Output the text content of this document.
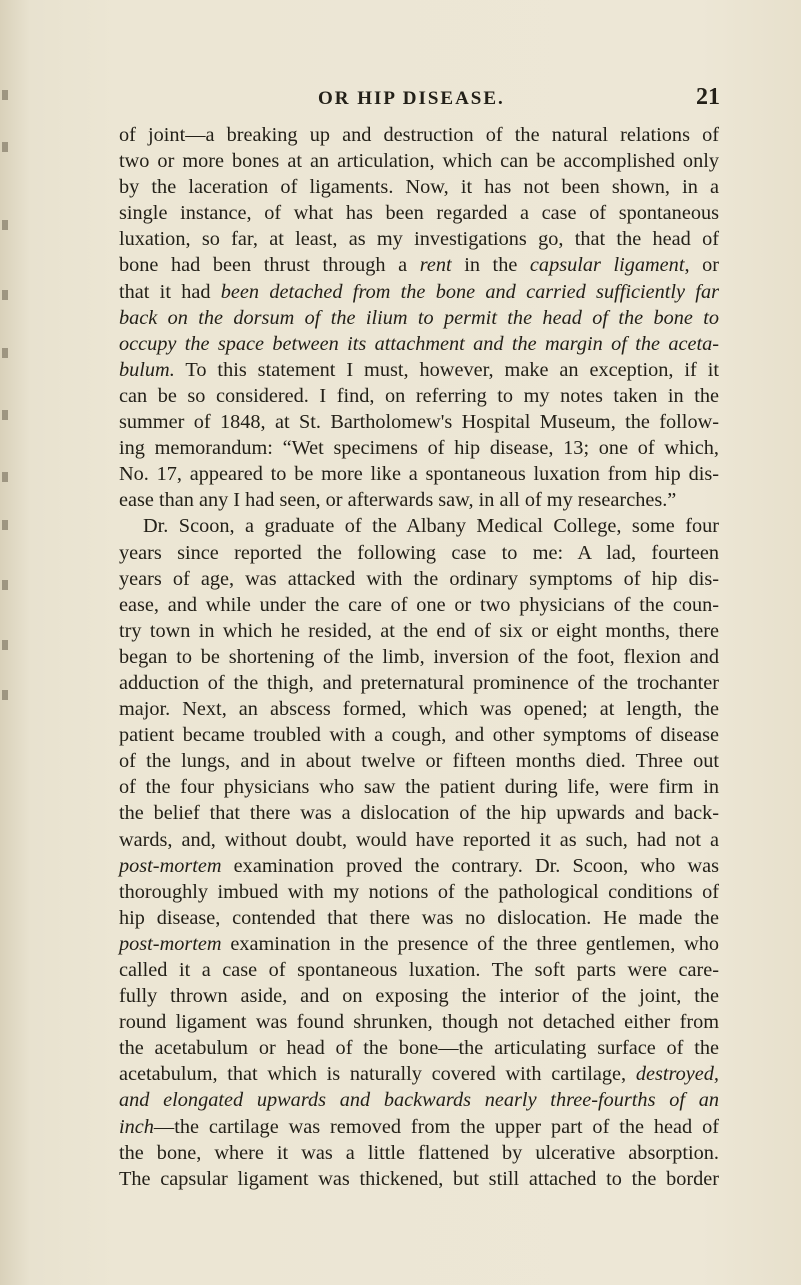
OR HIP DISEASE.	21
of joint—a breaking up and destruction of the natural relations of
two or more bones at an articulation, which can be accomplished only
by the laceration of ligaments. Now, it has not been shown, in a
single instance, of what has been regarded a case of spontaneous
luxation, so far, at least, as my investigations go, that the head of
bone had been thrust through a rent in the capsular ligament, or
that it had been detached from the bone and carried sufficiently far
back on the dorsum of the ilium to permit the head of the bone to
occupy the space between its attachment and the margin of the aceta-
bulum. To this statement I must, however, make an exception, if it
can be so considered. I find, on referring to my notes taken in the
summer of 1848, at St. Bartholomew's Hospital Museum, the follow-
ing memorandum: “Wet specimens of hip disease, 13; one of which,
No. 17, appeared to be more like a spontaneous luxation from hip dis-
ease than any I had seen, or afterwards saw, in all of my researches.”
Dr. Scoon, a graduate of the Albany Medical College, some four
years since reported the following case to me: A lad, fourteen
years of age, was attacked with the ordinary symptoms of hip dis-
ease, and while under the care of one or two physicians of the coun-
try town in which he resided, at the end of six or eight months, there
began to be shortening of the limb, inversion of the foot, flexion and
adduction of the thigh, and preternatural prominence of the trochanter
major. Next, an abscess formed, which was opened; at length, the
patient became troubled with a cough, and other symptoms of disease
of the lungs, and in about twelve or fifteen months died. Three out
of the four physicians who saw the patient during life, were firm in
the belief that there was a dislocation of the hip upwards and back-
wards, and, without doubt, would have reported it as such, had not a
post-mortem examination proved the contrary. Dr. Scoon, who was
thoroughly imbued with my notions of the pathological conditions of
hip disease, contended that there was no dislocation. He made the
post-mortem examination in the presence of the three gentlemen, who
called it a case of spontaneous luxation. The soft parts were care-
fully thrown aside, and on exposing the interior of the joint, the
round ligament was found shrunken, though not detached either from
the acetabulum or head of the bone—the articulating surface of the
acetabulum, that which is naturally covered with cartilage, destroyed,
and elongated upwards and backwards nearly three-fourths of an
inch—the cartilage was removed from the upper part of the head of
the bone, where it was a little flattened by ulcerative absorption.
The capsular ligament was thickened, but still attached to the border
